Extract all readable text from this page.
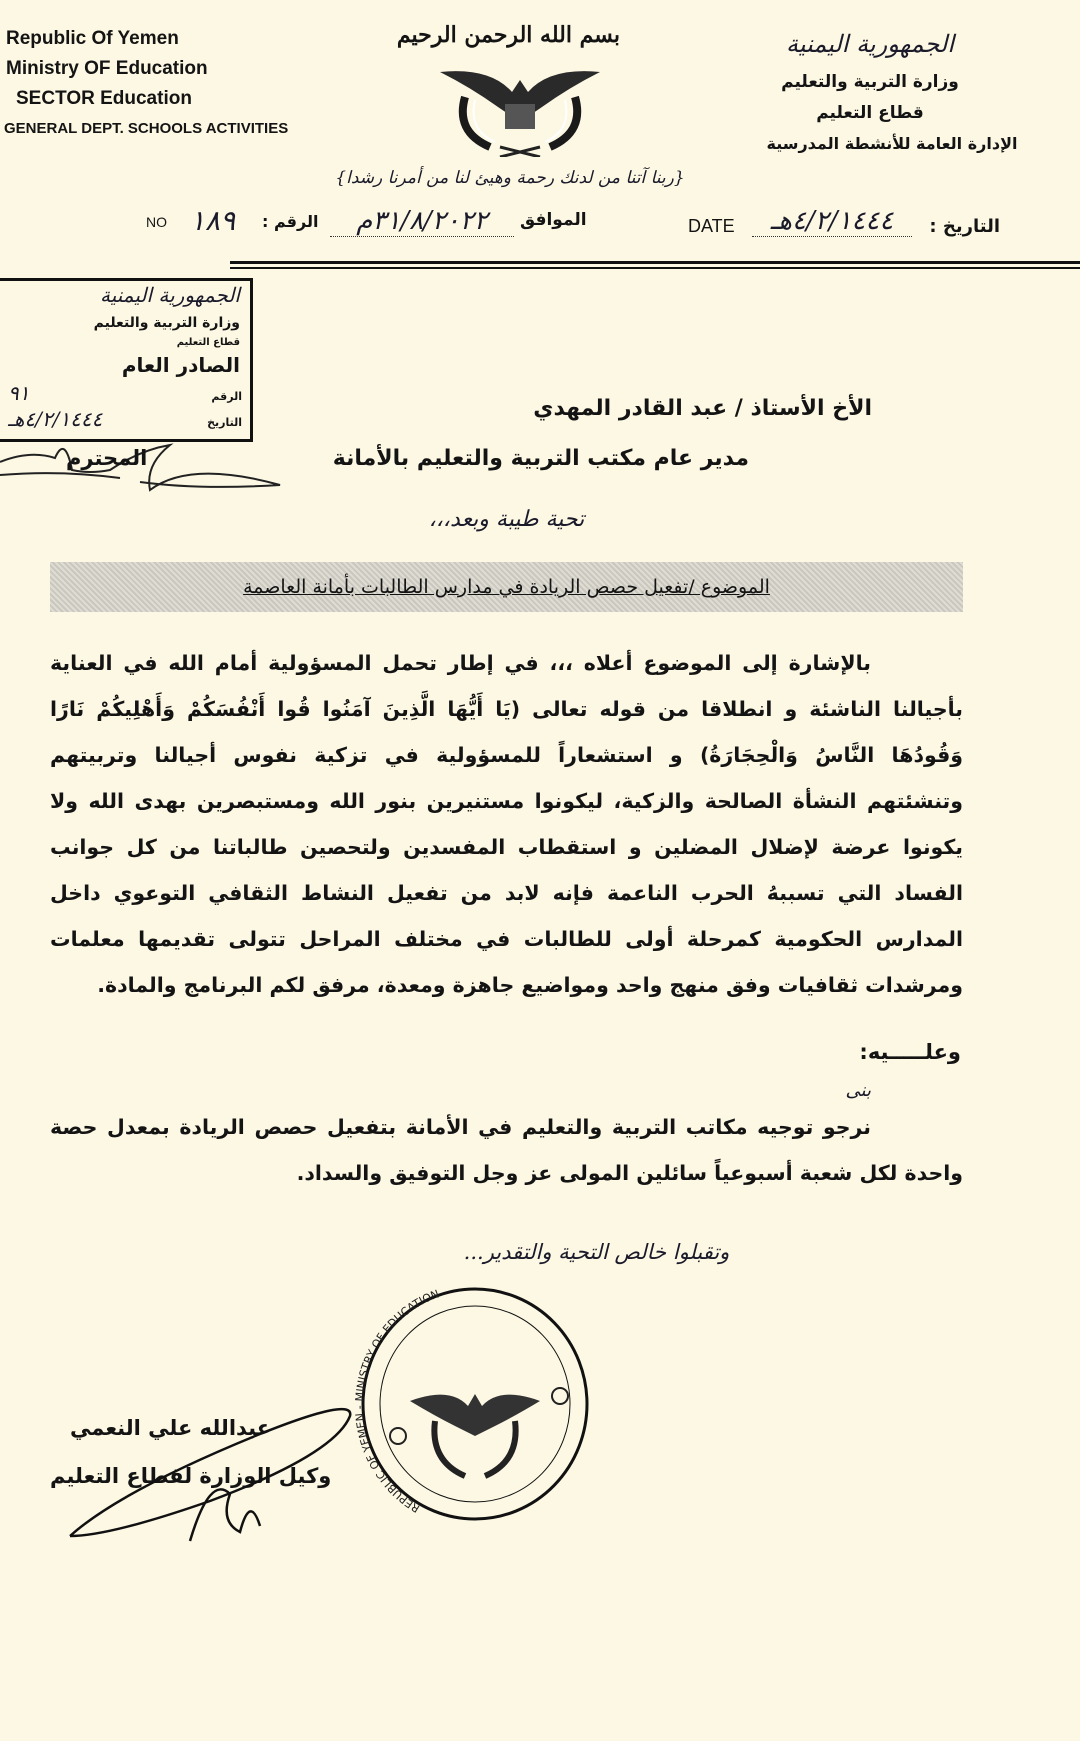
Republic Of Yemen
Ministry OF Education
SECTOR Education
GENERAL DEPT. SCHOOLS ACTIVITIES
بسم الله الرحمن الرحيم	الجمهورية اليمنية
وزارة التربية والتعليم
قطاع التعليم
الإدارة العامة للأنشطة المدرسية
{ربنا آتنا من لدنك رحمة وهيئ لنا من أمرنا رشدا}
التاريخ :
٤/٢/١٤٤٤هـ
DATE
الموافق
٣١/٨/٢٠٢٢م
الرقم :
١٨٩
NO
الجمهورية اليمنية
وزارة التربية والتعليم
قطاع التعليم
الصادر العام
الرقم
٩١
التاريخ
٤/٢/١٤٤٤هـ	الأخ الأستاذ / عبد القادر المهدي
مدير عام مكتب التربية والتعليم بالأمانة
المحترم
تحية طيبة وبعد،،،
الموضوع /تفعيل حصص الريادة في مدارس الطالبات بأمانة العاصمة
بالإشارة إلى الموضوع أعلاه ،،، في إطار تحمل المسؤولية أمام الله في العناية بأجيالنا الناشئة و انطلاقا من قوله تعالى (يَا أَيُّهَا الَّذِينَ آمَنُوا قُوا أَنْفُسَكُمْ وَأَهْلِيكُمْ نَارًا وَقُودُهَا النَّاسُ وَالْحِجَارَةُ) و استشعاراً للمسؤولية في تزكية نفوس أجيالنا وتربيتهم وتنشئتهم النشأة الصالحة والزكية، ليكونوا مستنيرين بنور الله ومستبصرين بهدى الله ولا يكونوا عرضة لإضلال المضلين و استقطاب المفسدين ولتحصين طالباتنا من كل جوانب الفساد التي تسببهُ الحرب الناعمة فإنه لابد من تفعيل النشاط الثقافي التوعوي داخل المدارس الحكومية كمرحلة أولى للطالبات في مختلف المراحل تتولى تقديمها معلمات ومرشدات ثقافيات وفق منهج واحد ومواضيع جاهزة ومعدة، مرفق لكم البرنامج والمادة.
وعلـــــيه:
بنى
نرجو توجيه مكاتب التربية والتعليم في الأمانة بتفعيل حصص الريادة بمعدل حصة واحدة لكل شعبة أسبوعياً سائلين المولى عز وجل التوفيق والسداد.
وتقبلوا خالص التحية والتقدير...
REPUBLIC OF YEMEN - MINISTRY OF EDUCATION
عبدالله علي النعمي
وكيل الوزارة لقطاع التعليم
